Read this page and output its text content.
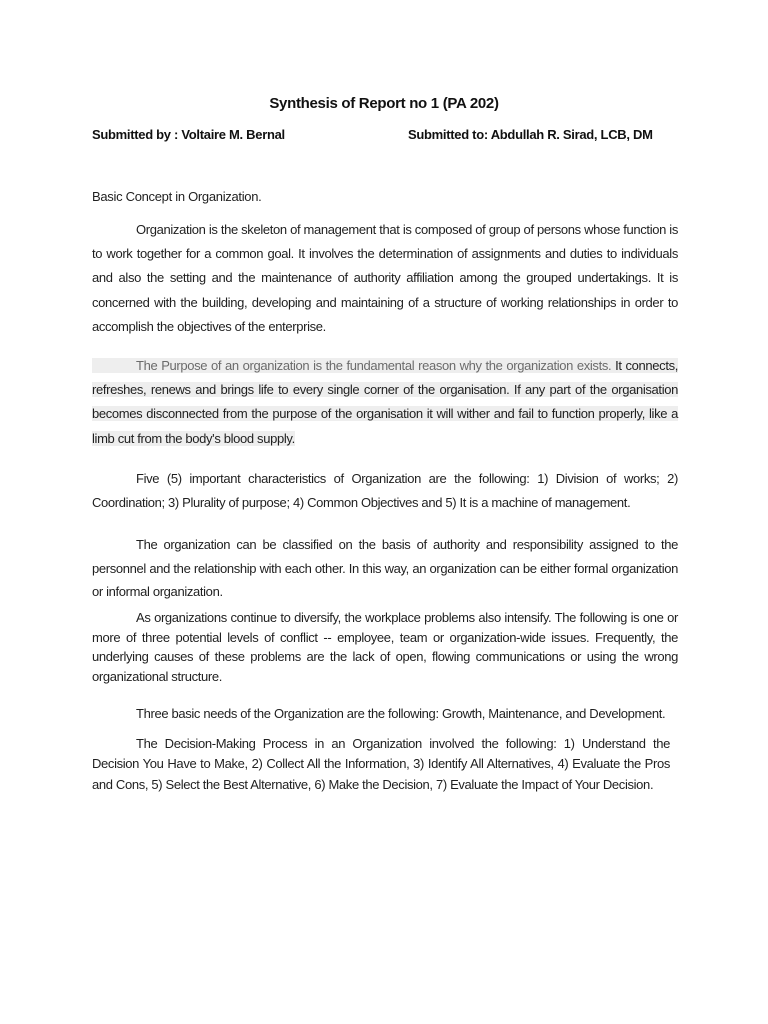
Synthesis of Report no 1 (PA 202)
Submitted by : Voltaire M. Bernal	Submitted to: Abdullah R. Sirad, LCB, DM
Basic Concept in Organization.

Organization is the skeleton of management that is composed of group of persons whose function is to work together for a common goal. It involves the determination of assignments and duties to individuals and also the setting and the maintenance of authority affiliation among the grouped undertakings. It is concerned with the building, developing and maintaining of a structure of working relationships in order to accomplish the objectives of the enterprise.

The Purpose of an organization is the fundamental reason why the organization exists. It connects, refreshes, renews and brings life to every single corner of the organisation. If any part of the organisation becomes disconnected from the purpose of the organisation it will wither and fail to function properly, like a limb cut from the body's blood supply.

Five (5) important characteristics of Organization are the following: 1) Division of works; 2) Coordination; 3) Plurality of purpose; 4) Common Objectives and 5) It is a machine of management.

The organization can be classified on the basis of authority and responsibility assigned to the personnel and the relationship with each other. In this way, an organization can be either formal organization or informal organization.

As organizations continue to diversify, the workplace problems also intensify. The following is one or more of three potential levels of conflict -- employee, team or organization-wide issues. Frequently, the underlying causes of these problems are the lack of open, flowing communications or using the wrong organizational structure.

Three basic needs of the Organization are the following: Growth, Maintenance, and Development.

The Decision-Making Process in an Organization involved the following: 1) Understand the Decision You Have to Make, 2) Collect All the Information, 3) Identify All Alternatives, 4) Evaluate the Pros and Cons, 5) Select the Best Alternative, 6) Make the Decision, 7) Evaluate the Impact of Your Decision.
